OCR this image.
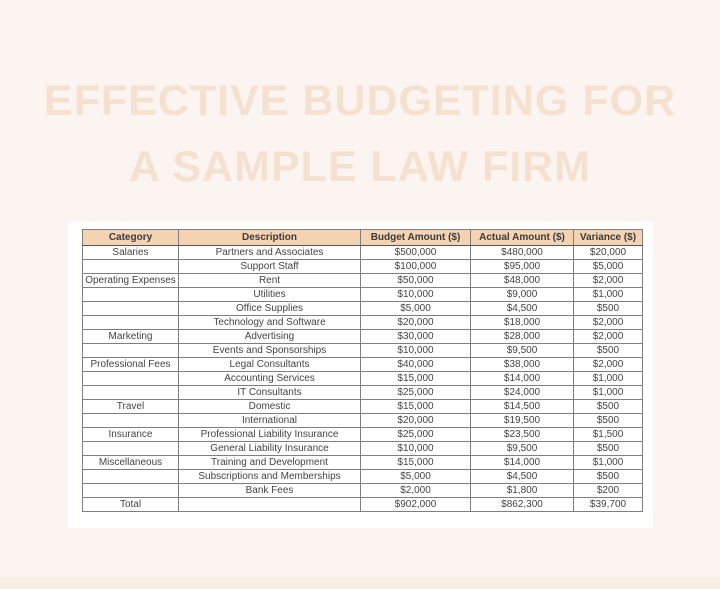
EFFECTIVE BUDGETING FOR
A SAMPLE LAW FIRM
Category	Description	Budget Amount ($)	Actual Amount ($)	Variance ($)
Salaries	Partners and Associates	$500,000	$480,000	$20,000
	Support Staff	$100,000	$95,000	$5,000
Operating Expenses	Rent	$50,000	$48,000	$2,000
	Utilities	$10,000	$9,000	$1,000
	Office Supplies	$5,000	$4,500	$500
	Technology and Software	$20,000	$18,000	$2,000
Marketing	Advertising	$30,000	$28,000	$2,000
	Events and Sponsorships	$10,000	$9,500	$500
Professional Fees	Legal Consultants	$40,000	$38,000	$2,000
	Accounting Services	$15,000	$14,000	$1,000
	IT Consultants	$25,000	$24,000	$1,000
Travel	Domestic	$15,000	$14,500	$500
	International	$20,000	$19,500	$500
Insurance	Professional Liability Insurance	$25,000	$23,500	$1,500
	General Liability Insurance	$10,000	$9,500	$500
Miscellaneous	Training and Development	$15,000	$14,000	$1,000
	Subscriptions and Memberships	$5,000	$4,500	$500
	Bank Fees	$2,000	$1,800	$200
Total		$902,000	$862,300	$39,700
